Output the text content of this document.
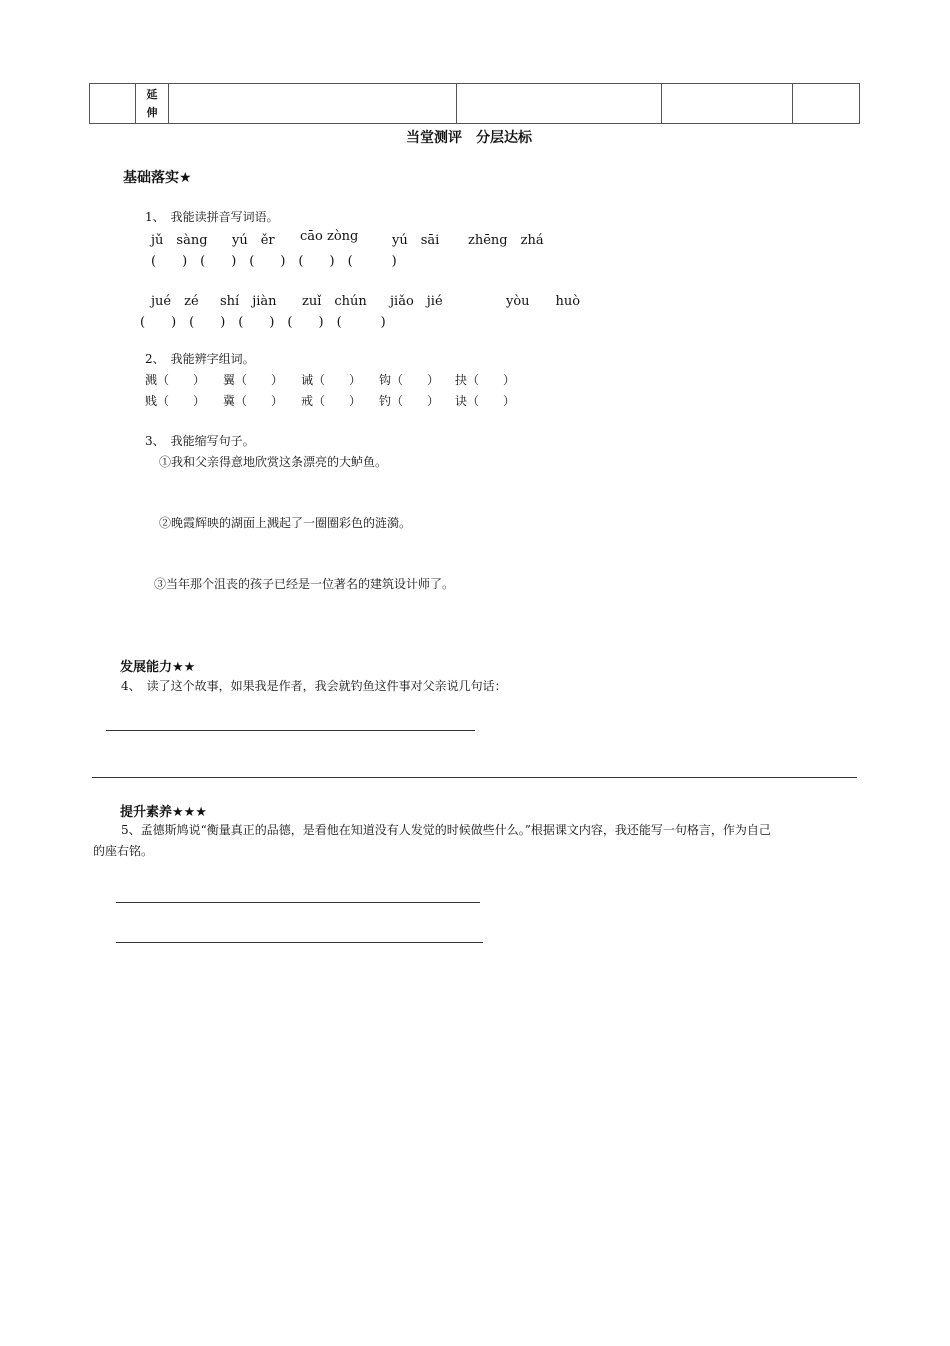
延伸
当堂测评　分层达标
基础落实★
1、　我能读拼音写词语。
jǔ　sàng yú　ěr cāo zòng	yú　sāi zhēng　zhá
(　　)　(　　)　(　　)　(　　)　(　　　)
jué　zé shí　jiàn zuǐ　chún jiǎo　jié	yòu　　huò
(　　)　(　　)　(　　)　(　　)　(　　　)
2、　我能辨字组词。
溅（　　） 翼（　　） 诫（　　） 钩（　　） 抉（　　）
贱（　　） 冀（　　） 戒（　　） 钓（　　） 诀（　　）
3、　我能缩写句子。
①我和父亲得意地欣赏这条漂亮的大鲈鱼。
②晚霞辉映的湖面上溅起了一圈圈彩色的涟漪。
③当年那个沮丧的孩子已经是一位著名的建筑设计师了。
发展能力★★
4、　读了这个故事，如果我是作者，我会就钓鱼这件事对父亲说几句话：
提升素养★★★
5、孟德斯鸠说“衡量真正的品德，是看他在知道没有人发觉的时候做些什么。”根据课文内容，我还能写一句格言，作为自己
的座右铭。
